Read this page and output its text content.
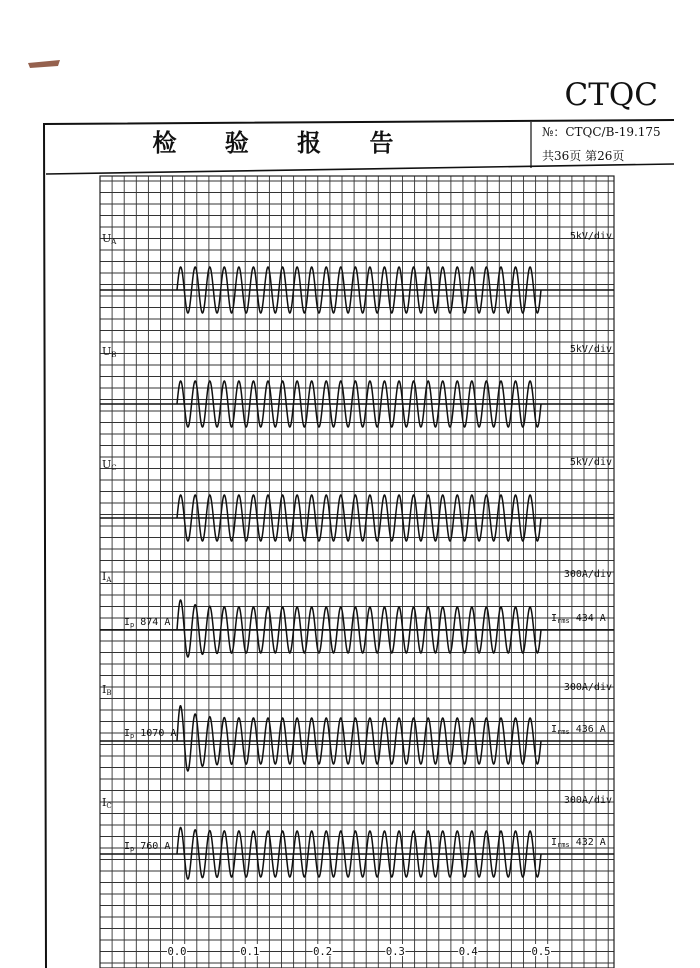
CTQC
检 验 报 告	№：CTQC/B-19.175
共36页 第26页
UA	5kV/div
UB	5kV/div
UC	5kV/div
IA	300A/div
$I_p$ 874 A	$I_{rms}$ 434 A
IB	300A/div
$I_p$ 1070 A	$I_{rms}$ 436 A
IC	300A/div
$I_p$ 760 A	$I_{rms}$ 432 A
0.0	0.1	0.2	0.3	0.4	0.5
